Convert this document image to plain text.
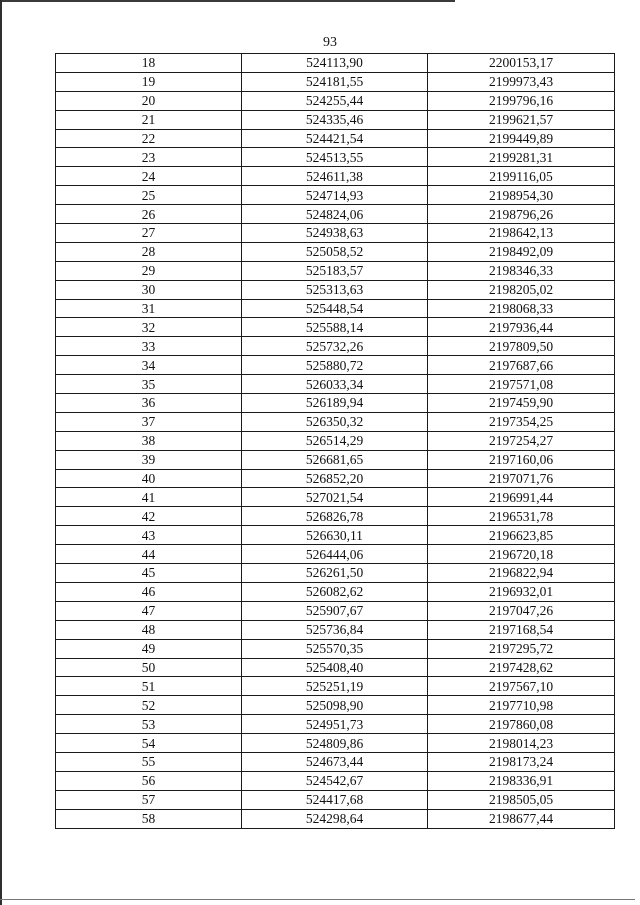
93
18	524113,90	2200153,17
19	524181,55	2199973,43
20	524255,44	2199796,16
21	524335,46	2199621,57
22	524421,54	2199449,89
23	524513,55	2199281,31
24	524611,38	2199116,05
25	524714,93	2198954,30
26	524824,06	2198796,26
27	524938,63	2198642,13
28	525058,52	2198492,09
29	525183,57	2198346,33
30	525313,63	2198205,02
31	525448,54	2198068,33
32	525588,14	2197936,44
33	525732,26	2197809,50
34	525880,72	2197687,66
35	526033,34	2197571,08
36	526189,94	2197459,90
37	526350,32	2197354,25
38	526514,29	2197254,27
39	526681,65	2197160,06
40	526852,20	2197071,76
41	527021,54	2196991,44
42	526826,78	2196531,78
43	526630,11	2196623,85
44	526444,06	2196720,18
45	526261,50	2196822,94
46	526082,62	2196932,01
47	525907,67	2197047,26
48	525736,84	2197168,54
49	525570,35	2197295,72
50	525408,40	2197428,62
51	525251,19	2197567,10
52	525098,90	2197710,98
53	524951,73	2197860,08
54	524809,86	2198014,23
55	524673,44	2198173,24
56	524542,67	2198336,91
57	524417,68	2198505,05
58	524298,64	2198677,44
